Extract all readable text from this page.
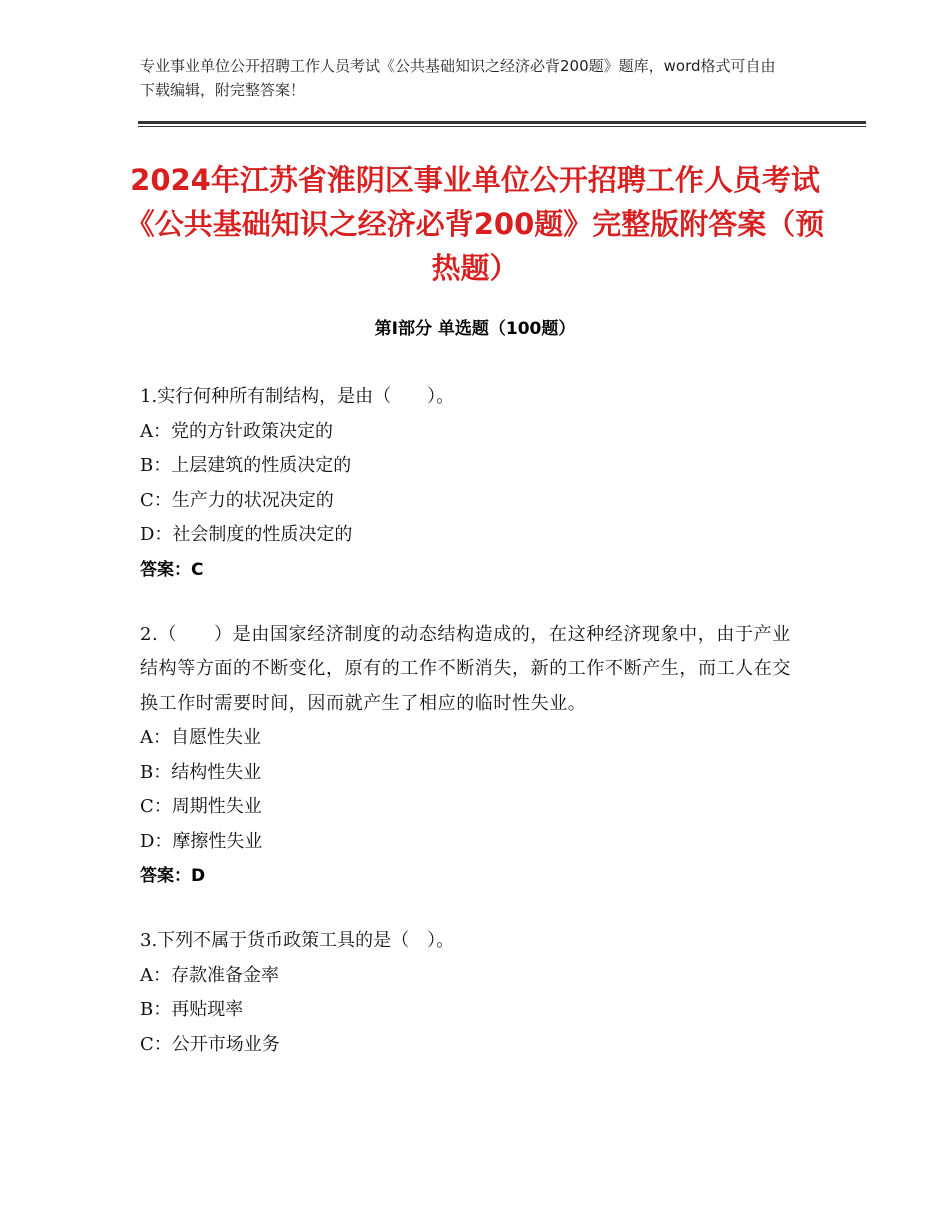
专业事业单位公开招聘工作人员考试《公共基础知识之经济必背200题》题库，word格式可自由下载编辑，附完整答案！
2024年江苏省淮阴区事业单位公开招聘工作人员考试《公共基础知识之经济必背200题》完整版附答案（预热题）
第Ⅰ部分 单选题（100题）
1.实行何种所有制结构，是由（　　）。
A：党的方针政策决定的
B：上层建筑的性质决定的
C：生产力的状况决定的
D：社会制度的性质决定的
答案：C
2.（　　）是由国家经济制度的动态结构造成的，在这种经济现象中，由于产业结构等方面的不断变化，原有的工作不断消失，新的工作不断产生，而工人在交换工作时需要时间，因而就产生了相应的临时性失业。
A：自愿性失业
B：结构性失业
C：周期性失业
D：摩擦性失业
答案：D
3.下列不属于货币政策工具的是（　）。
A：存款准备金率
B：再贴现率
C：公开市场业务
